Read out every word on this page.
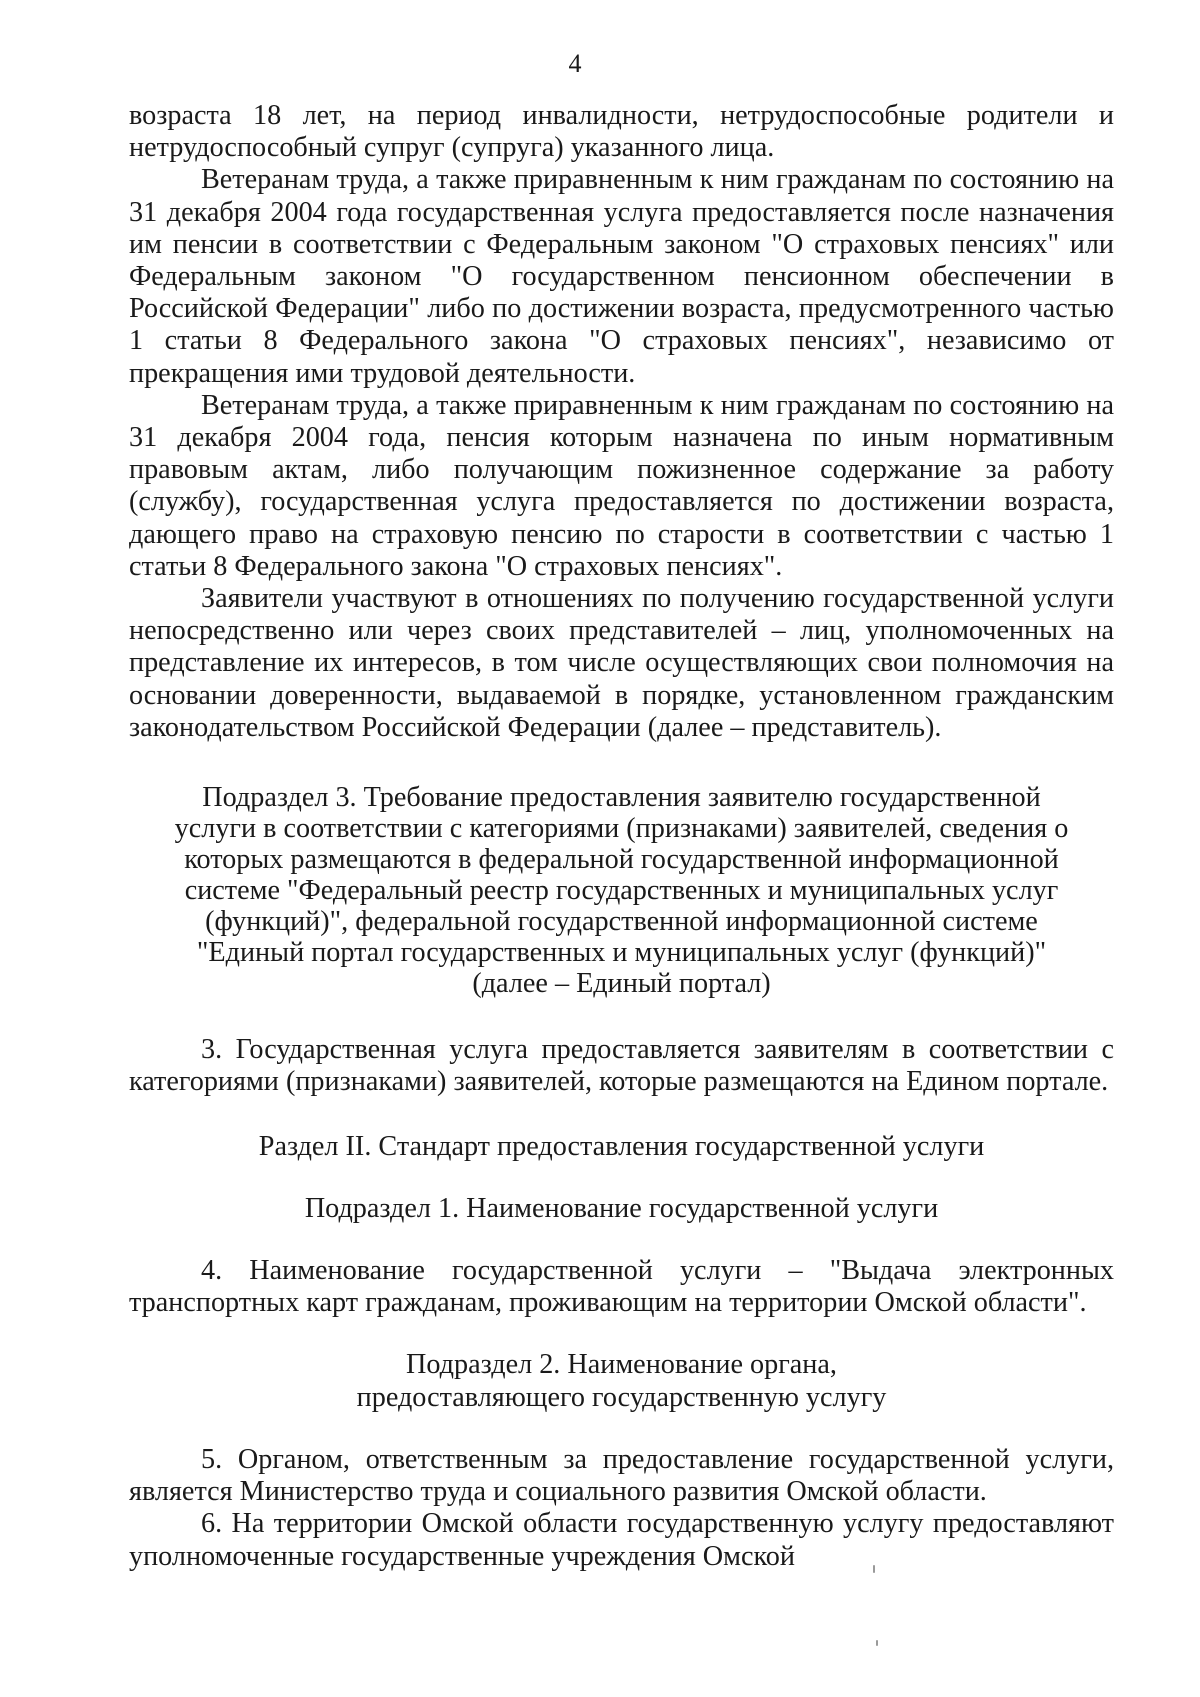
4

возраста 18 лет, на период инвалидности, нетрудоспособные родители и нетрудоспособный супруг (супруга) указанного лица.

Ветеранам труда, а также приравненным к ним гражданам по состоянию на 31 декабря 2004 года государственная услуга предоставляется после назначения им пенсии в соответствии с Федеральным законом "О страховых пенсиях" или Федеральным законом "О государственном пенсионном обеспечении в Российской Федерации" либо по достижении возраста, предусмотренного частью 1 статьи 8 Федерального закона "О страховых пенсиях", независимо от прекращения ими трудовой деятельности.

Ветеранам труда, а также приравненным к ним гражданам по состоянию на 31 декабря 2004 года, пенсия которым назначена по иным нормативным правовым актам, либо получающим пожизненное содержание за работу (службу), государственная услуга предоставляется по достижении возраста, дающего право на страховую пенсию по старости в соответствии с частью 1 статьи 8 Федерального закона "О страховых пенсиях".

Заявители участвуют в отношениях по получению государственной услуги непосредственно или через своих представителей – лиц, уполномоченных на представление их интересов, в том числе осуществляющих свои полномочия на основании доверенности, выдаваемой в порядке, установленном гражданским законодательством Российской Федерации (далее – представитель).

Подраздел 3. Требование предоставления заявителю государственной услуги в соответствии с категориями (признаками) заявителей, сведения о которых размещаются в федеральной государственной информационной системе "Федеральный реестр государственных и муниципальных услуг (функций)", федеральной государственной информационной системе "Единый портал государственных и муниципальных услуг (функций)" (далее – Единый портал)

3. Государственная услуга предоставляется заявителям в соответствии с категориями (признаками) заявителей, которые размещаются на Едином портале.

Раздел II. Стандарт предоставления государственной услуги

Подраздел 1. Наименование государственной услуги

4. Наименование государственной услуги – "Выдача электронных транспортных карт гражданам, проживающим на территории Омской области".

Подраздел 2. Наименование органа, предоставляющего государственную услугу

5. Органом, ответственным за предоставление государственной услуги, является Министерство труда и социального развития Омской области.

6. На территории Омской области государственную услугу предоставляют уполномоченные государственные учреждения Омской
